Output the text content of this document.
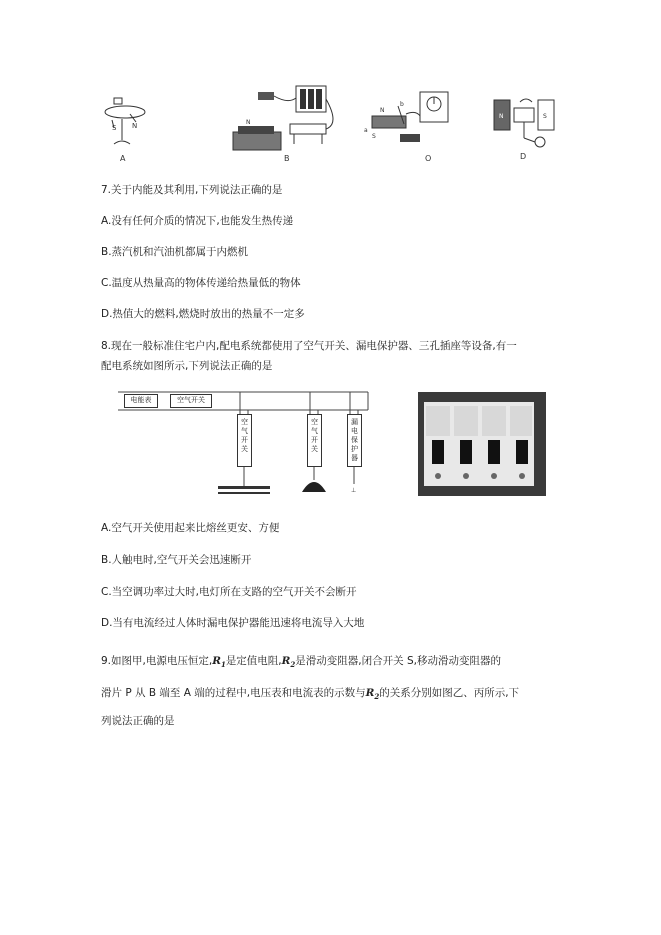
S N
A
N
B
N
S
b
a
O
N	S
D
7.关于内能及其利用,下列说法正确的是
A.没有任何介质的情况下,也能发生热传递
B.蒸汽机和汽油机都属于内燃机
C.温度从热量高的物体传递给热量低的物体
D.热值大的燃料,燃烧时放出的热量不一定多
8.现在一般标准住宅户内,配电系统都使用了空气开关、漏电保护器、三孔插座等设备,有一
配电系统如图所示,下列说法正确的是
⊥
电能表	空气开关
空气开关
空气开关
漏电保护器
A.空气开关使用起来比熔丝更安、方便
B.人触电时,空气开关会迅速断开
C.当空调功率过大时,电灯所在支路的空气开关不会断开
D.当有电流经过人体时漏电保护器能迅速将电流导入大地
9.如图甲,电源电压恒定$,R_1$是定值电阻$,R_2$是滑动变阻器,闭合开关 S,移动滑动变阻器的
滑片 P 从 B 端至 A 端的过程中,电压表和电流表的示数与$R_2$的关系分别如图乙、丙所示,下
列说法正确的是
